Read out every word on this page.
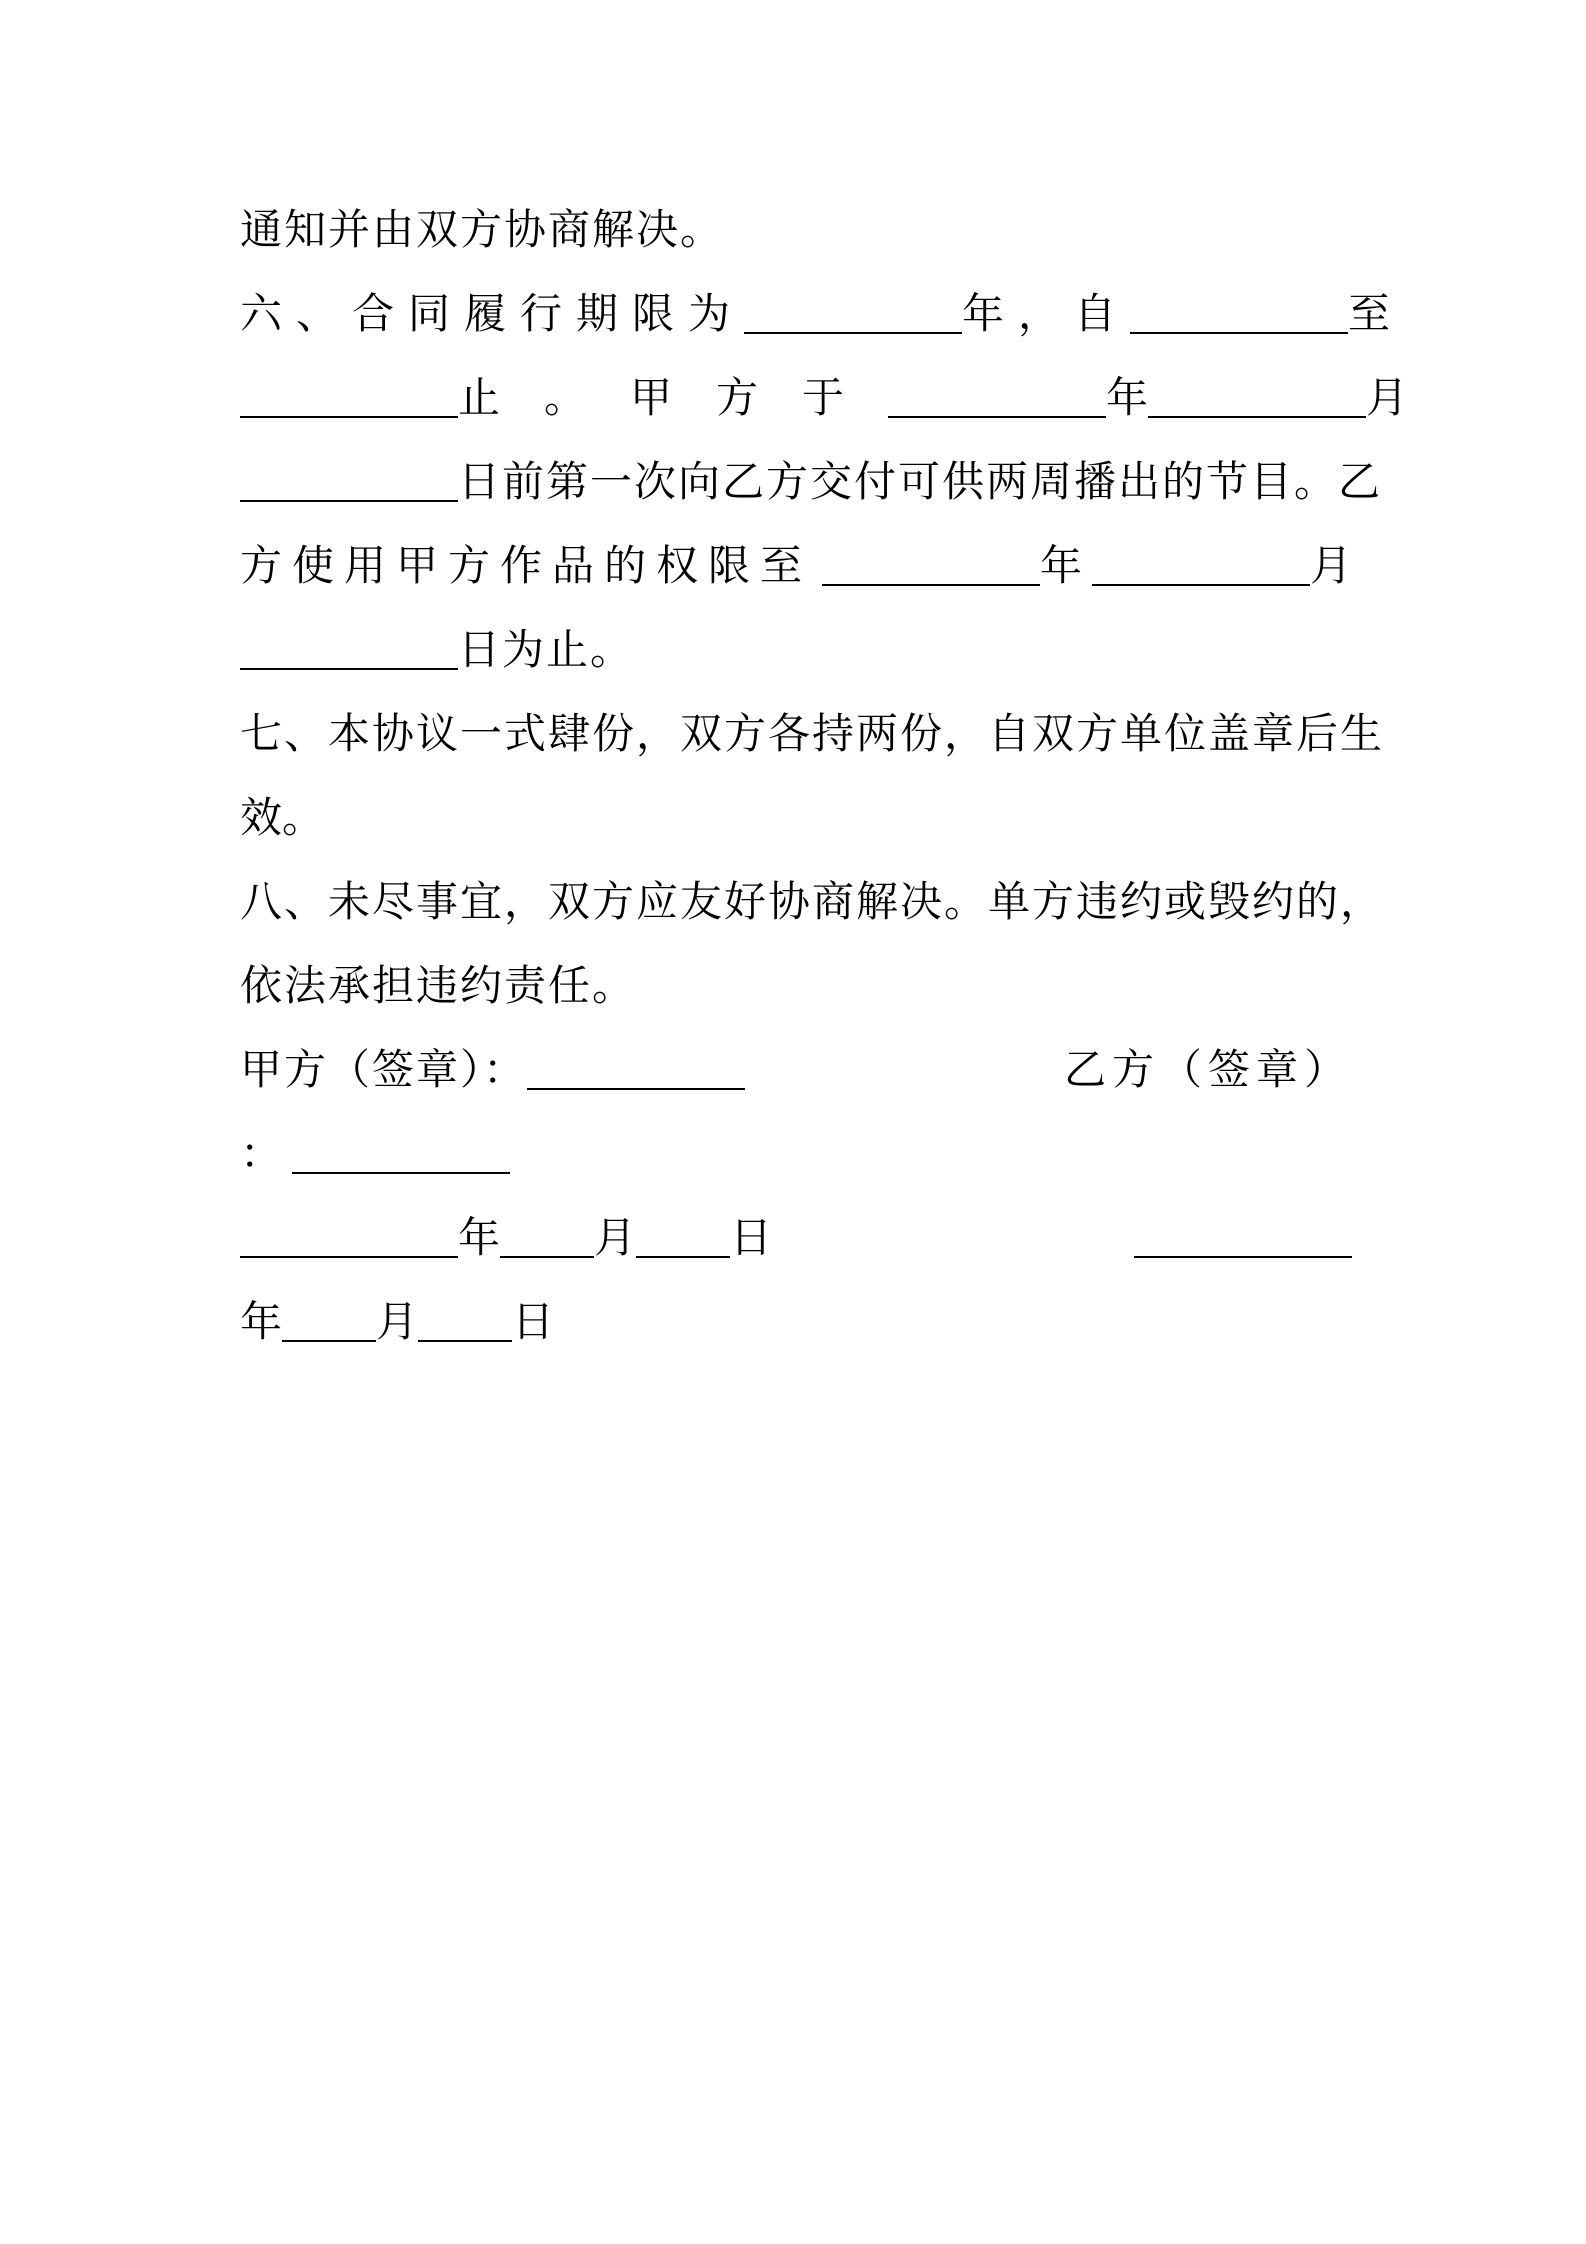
通知并由双方协商解决。
六、合同履行期限为	年，自	至
止。甲方于	年	月
日前第一次向乙方交付可供两周播出的节目。乙
方使用甲方作品的权限至	年	月
日为止。
七、本协议一式肆份，双方各持两份，自双方单位盖章后生
效。
八、未尽事宜，双方应友好协商解决。单方违约或毁约的，
依法承担违约责任。
甲方（签章）：	乙方（签章）
：
年 月 日
年 月 日
